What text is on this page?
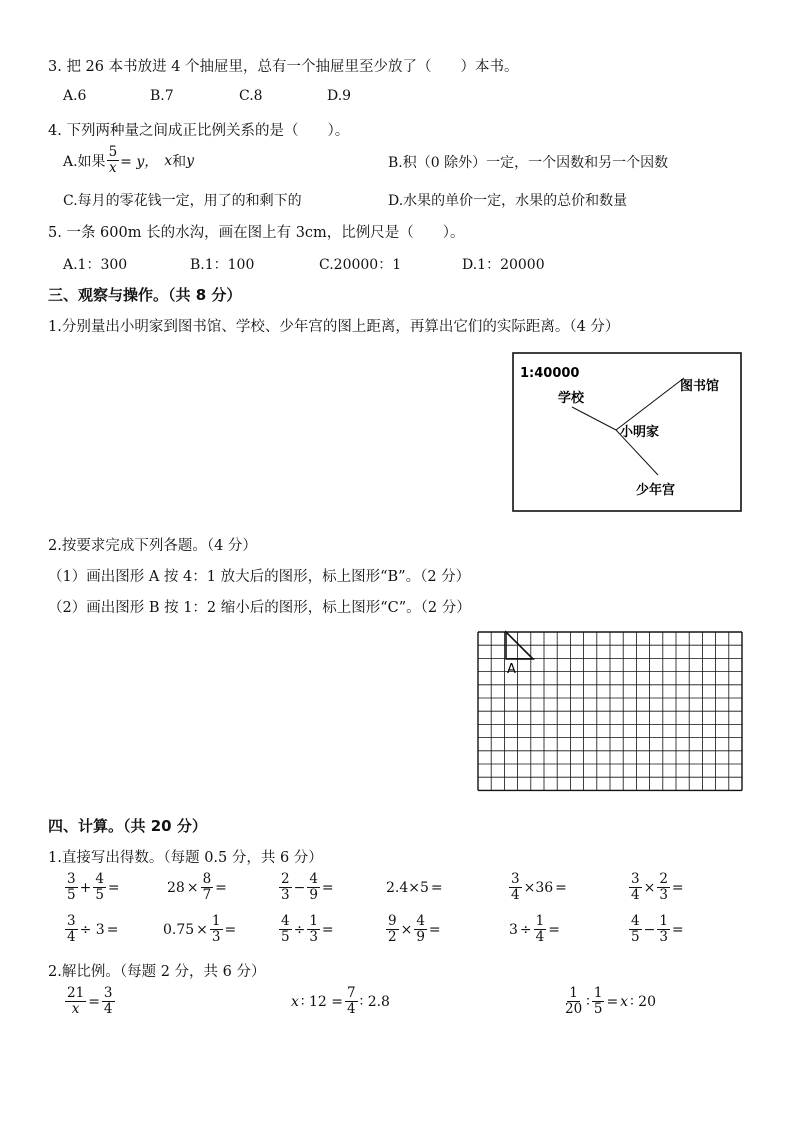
3. 把 26 本书放进 4 个抽屉里，总有一个抽屉里至少放了（　　）本书。
A.6	B.7	C.8	D.9
4. 下列两种量之间成正比例关系的是（　　）。
A.如果 $\frac{5}{x} = y$， x 和 y	B.积（0 除外）一定，一个因数和另一个因数
C.每月的零花钱一定，用了的和剩下的	D.水果的单价一定，水果的总价和数量
5. 一条 600m 长的水沟，画在图上有 3cm，比例尺是（　　）。
A.1：300	B.1：100	C.20000：1	D.1：20000
三、观察与操作。（共 8 分）
1.分别量出小明家到图书馆、学校、少年宫的图上距离，再算出它们的实际距离。（4 分）
1:40000
学校
图书馆
小明家
少年宫
2.按要求完成下列各题。（4 分）
（1）画出图形 A 按 4：1 放大后的图形，标上图形“B”。（2 分）
（2）画出图形 B 按 1：2 缩小后的图形，标上图形“C”。（2 分）
A
四、计算。（共 20 分）
1.直接写出得数。（每题 0.5 分，共 6 分）
$\frac{3}{5} + \frac{4}{5}$ =	$28 \times \frac{8}{7}$ =	$\frac{2}{3} - \frac{4}{9}$ =	2.4×5 =	$\frac{3}{4} \times 36$ =	$\frac{3}{4} \times \frac{2}{3}$ =
$\frac{3}{4} \div 3$ =	$0.75 \times \frac{1}{3}$ =	$\frac{4}{5} \div \frac{1}{3}$ =	$\frac{9}{2} \times \frac{4}{9}$ =	$3 \div \frac{1}{4}$ =	$\frac{4}{5} - \frac{1}{3}$ =
2.解比例。（每题 2 分，共 6 分）
$\frac{21}{x} = \frac{3}{4}$	x ∶ $12 = \frac{7}{4}$ ∶ 2.8	$\frac{1}{20}$ ∶ $\frac{1}{5} = x$ ∶ 20
